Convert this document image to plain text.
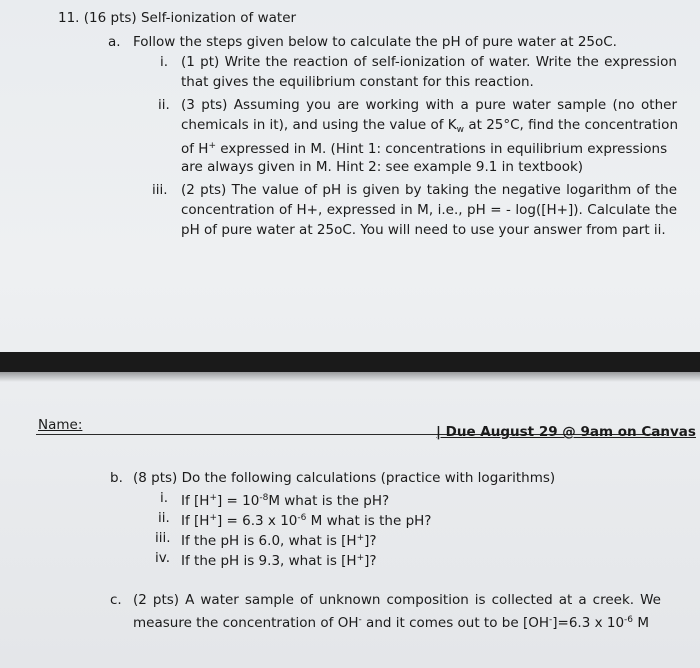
11. (16 pts) Self-ionization of water
a. Follow the steps given below to calculate the pH of pure water at 25oC.
i. (1 pt) Write the reaction of self-ionization of water. Write the expression
that gives the equilibrium constant for this reaction.
ii. (3 pts) Assuming you are working with a pure water sample (no other
chemicals in it), and using the value of $K_w$ at 25°C, find the concentration
of H+ expressed in M. (Hint 1: concentrations in equilibrium expressions
are always given in M. Hint 2: see example 9.1 in textbook)
iii. (2 pts) The value of pH is given by taking the negative logarithm of the
concentration of H+, expressed in M, i.e., pH = - log([H+]). Calculate the
pH of pure water at 25oC. You will need to use your answer from part ii.
Name:	| Due August 29 @ 9am on Canvas
b. (8 pts) Do the following calculations (practice with logarithms)
i. If $[H^+] = 10^{-8}M$ what is the pH?
ii. If [H+] = 6.3 x $10^{-6}$ M what is the pH?
iii. If the pH is 6.0, what is [H+]?
iv. If the pH is 9.3, what is [H+]?
c. (2 pts) A water sample of unknown composition is collected at a creek. We
measure the concentration of OH- and it comes out to be [OH-]=6.3 x $10^{-6}$ M
